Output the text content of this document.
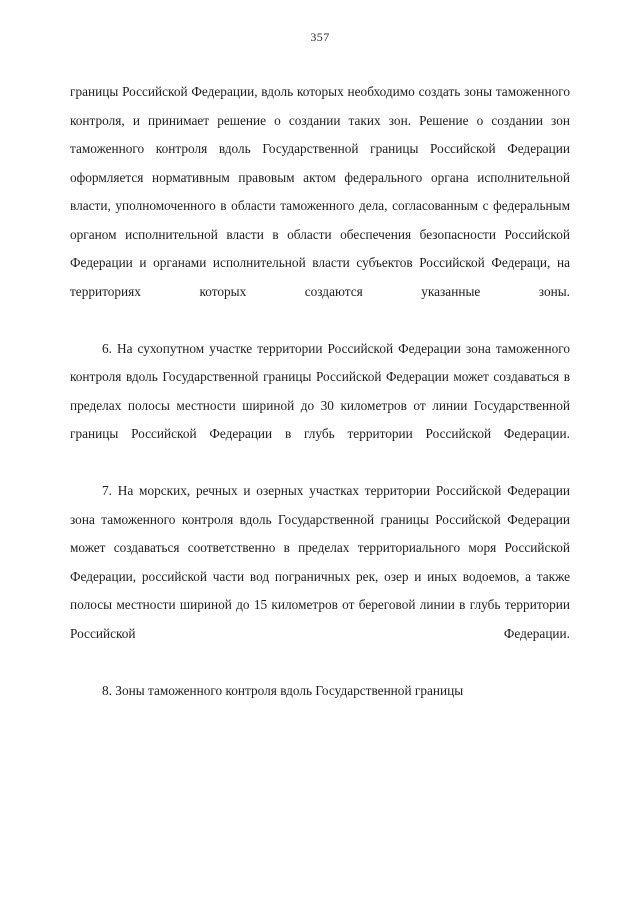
357

границы Российской Федерации, вдоль которых необходимо создать зоны таможенного контроля, и принимает решение о создании таких зон. Решение о создании зон таможенного контроля вдоль Государственной границы Российской Федерации оформляется нормативным правовым актом федерального органа исполнительной власти, уполномоченного в области таможенного дела, согласованным с федеральным органом исполнительной власти в области обеспечения безопасности Российской Федерации и органами исполнительной власти субъектов Российской Федераци, на территориях которых создаются указанные зоны.

6. На сухопутном участке территории Российской Федерации зона таможенного контроля вдоль Государственной границы Российской Федерации может создаваться в пределах полосы местности шириной до 30 километров от линии Государственной границы Российской Федерации в глубь территории Российской Федерации.

7. На морских, речных и озерных участках территории Российской Федерации зона таможенного контроля вдоль Государственной границы Российской Федерации может создаваться соответственно в пределах территориального моря Российской Федерации, российской части вод пограничных рек, озер и иных водоемов, а также полосы местности шириной до 15 километров от береговой линии в глубь территории Российской Федерации.

8. Зоны таможенного контроля вдоль Государственной границы
